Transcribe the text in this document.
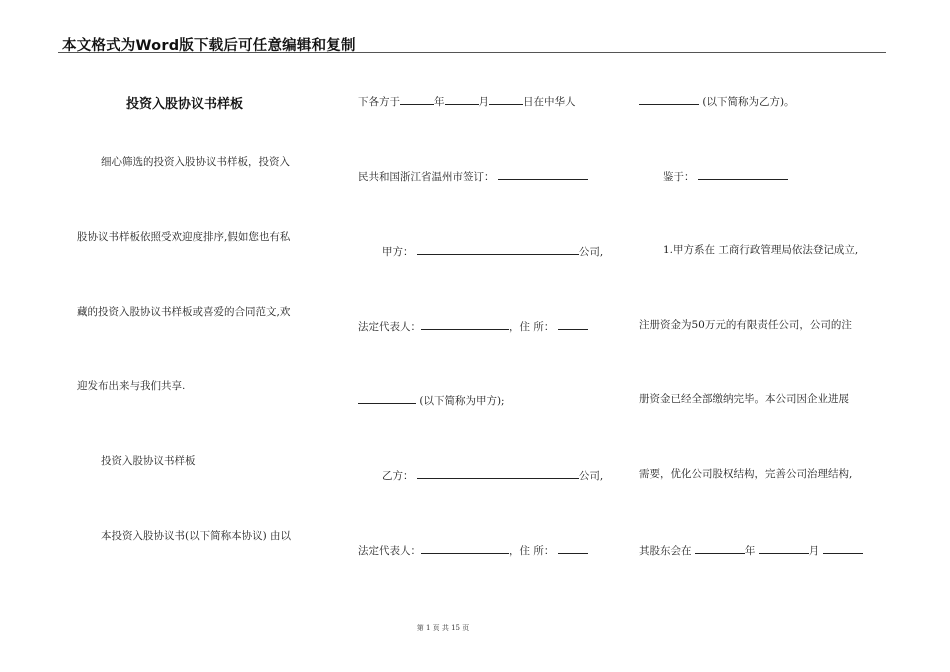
本文格式为Word版下载后可任意编辑和复制
投资入股协议书样板
细心筛选的投资入股协议书样板，投资入
股协议书样板依照受欢迎度排序,假如您也有私
藏的投资入股协议书样板或喜爱的合同范文,欢
迎发布出来与我们共享.
投资入股协议书样板
本投资入股协议书(以下简称本协议) 由以
下各方于	年	月	日在中华人
民共和国浙江省温州市签订：
甲方：	公司,
法定代表人：	，住 所：
(以下简称为甲方);
乙方：	公司,
法定代表人：	，住 所：
(以下简称为乙方)。
鉴于：
1.甲方系在 工商行政管理局依法登记成立,
注册资金为50万元的有限责任公司，公司的注
册资金已经全部缴纳完毕。本公司因企业进展
需要，优化公司股权结构，完善公司治理结构,
其股东会在	年	月
第 1 页 共 15 页
